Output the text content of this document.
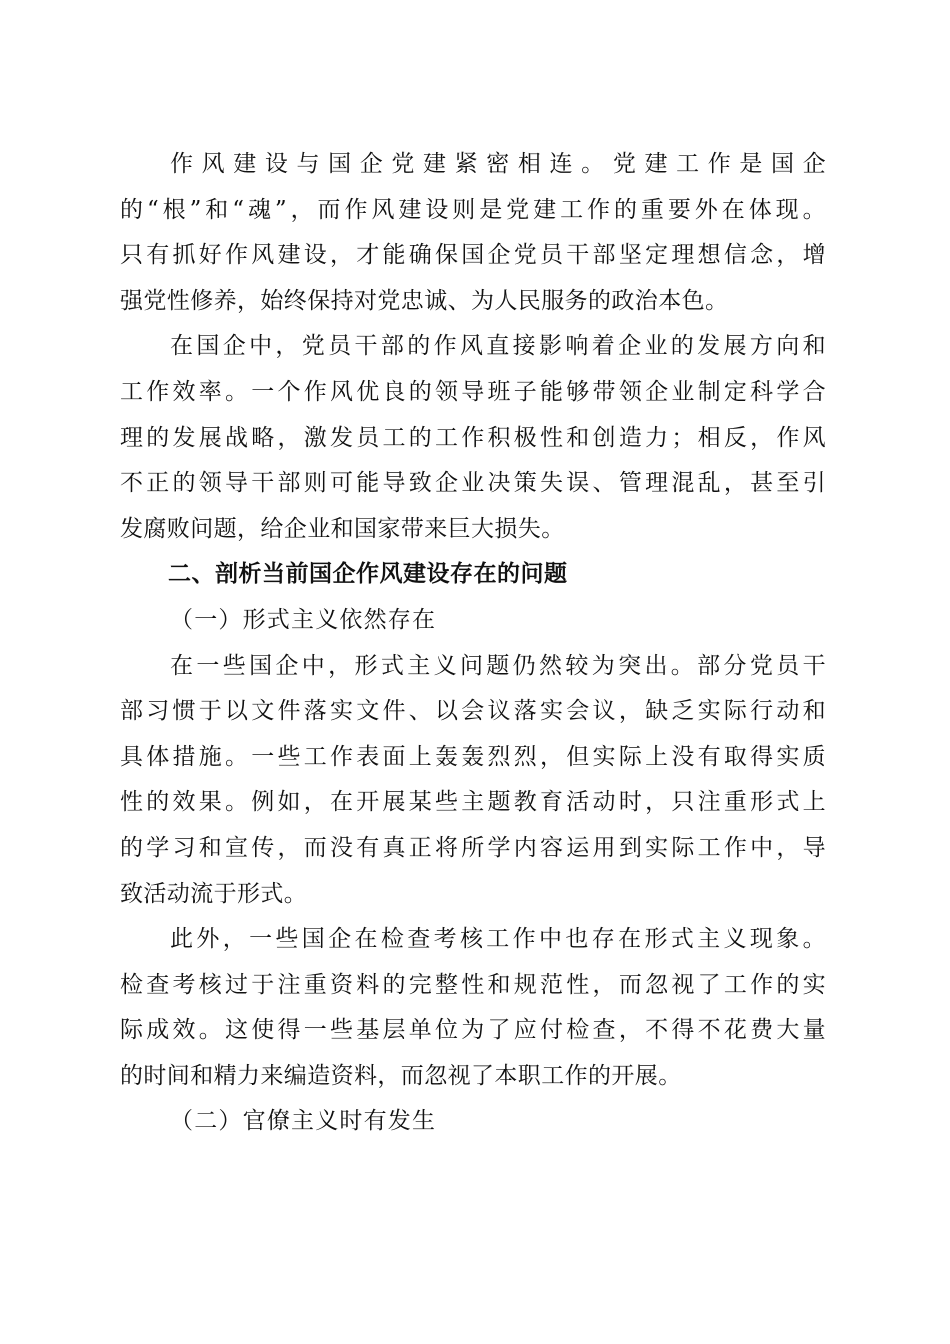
作风建设与国企党建紧密相连。党建工作是国企
的“根”和“魂”，而作风建设则是党建工作的重要外在体现。
只有抓好作风建设，才能确保国企党员干部坚定理想信念，增
强党性修养，始终保持对党忠诚、为人民服务的政治本色。
在国企中，党员干部的作风直接影响着企业的发展方向和
工作效率。一个作风优良的领导班子能够带领企业制定科学合
理的发展战略，激发员工的工作积极性和创造力；相反，作风
不正的领导干部则可能导致企业决策失误、管理混乱，甚至引
发腐败问题，给企业和国家带来巨大损失。
二、剖析当前国企作风建设存在的问题
（一）形式主义依然存在
在一些国企中，形式主义问题仍然较为突出。部分党员干
部习惯于以文件落实文件、以会议落实会议，缺乏实际行动和
具体措施。一些工作表面上轰轰烈烈，但实际上没有取得实质
性的效果。例如，在开展某些主题教育活动时，只注重形式上
的学习和宣传，而没有真正将所学内容运用到实际工作中，导
致活动流于形式。
此外，一些国企在检查考核工作中也存在形式主义现象。
检查考核过于注重资料的完整性和规范性，而忽视了工作的实
际成效。这使得一些基层单位为了应付检查，不得不花费大量
的时间和精力来编造资料，而忽视了本职工作的开展。
（二）官僚主义时有发生
